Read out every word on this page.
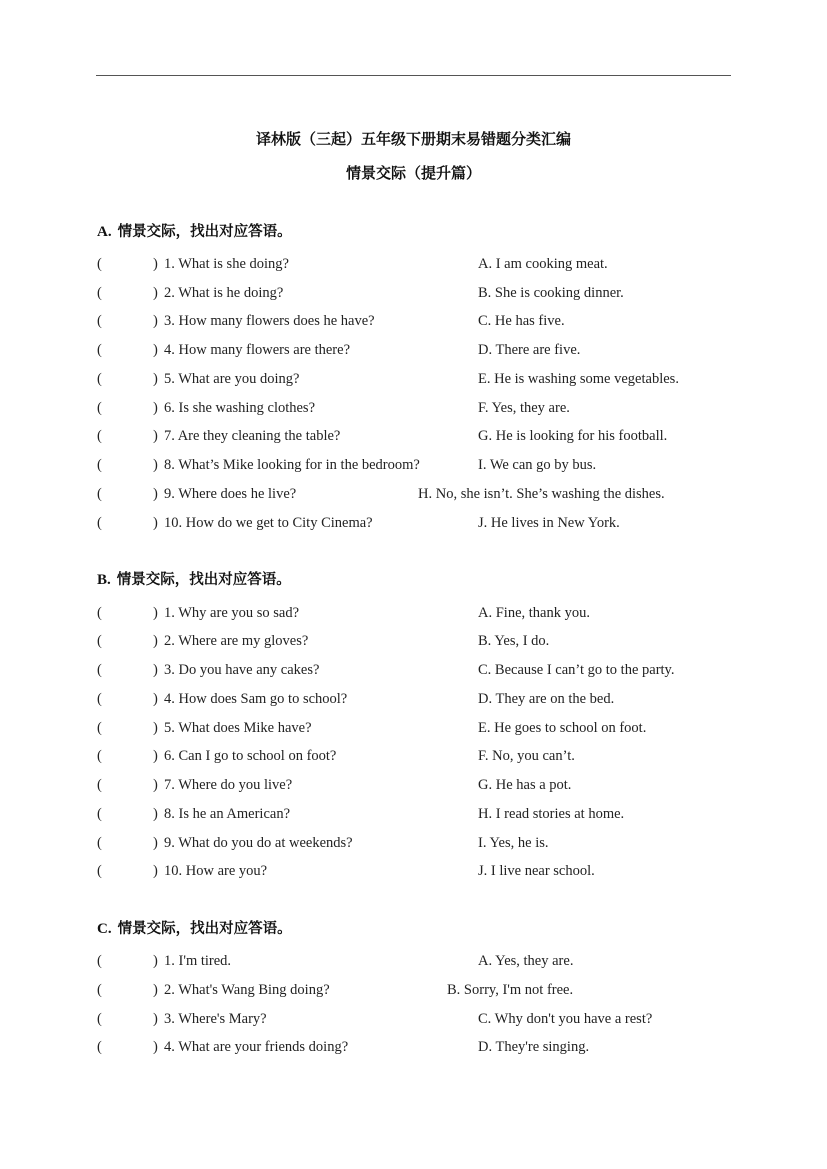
译林版（三起）五年级下册期末易错题分类汇编
情景交际（提升篇）
A. 情景交际，找出对应答语。
(	) 1. What is she doing?	A. I am cooking meat.
(	) 2. What is he doing?	B. She is cooking dinner.
(	) 3. How many flowers does he have?	C. He has five.
(	) 4. How many flowers are there?	D. There are five.
(	) 5. What are you doing?	E. He is washing some vegetables.
(	) 6. Is she washing clothes?	F. Yes, they are.
(	) 7. Are they cleaning the table?	G. He is looking for his football.
(	) 8. What’s Mike looking for in the bedroom?	I. We can go by bus.
(	) 9. Where does he live?	H. No, she isn’t. She’s washing the dishes.
(	) 10. How do we get to City Cinema?	J. He lives in New York.
B. 情景交际，找出对应答语。
(	) 1. Why are you so sad?	A. Fine, thank you.
(	) 2. Where are my gloves?	B. Yes, I do.
(	) 3. Do you have any cakes?	C. Because I can’t go to the party.
(	) 4. How does Sam go to school?	D. They are on the bed.
(	) 5. What does Mike have?	E. He goes to school on foot.
(	) 6. Can I go to school on foot?	F. No, you can’t.
(	) 7. Where do you live?	G. He has a pot.
(	) 8. Is he an American?	H. I read stories at home.
(	) 9. What do you do at weekends?	I. Yes, he is.
(	) 10. How are you?	J. I live near school.
C. 情景交际，找出对应答语。
(	) 1. I'm tired.	A. Yes, they are.
(	) 2. What's Wang Bing doing?	B. Sorry, I'm not free.
(	) 3. Where's Mary?	C. Why don't you have a rest?
(	) 4. What are your friends doing?	D. They're singing.
